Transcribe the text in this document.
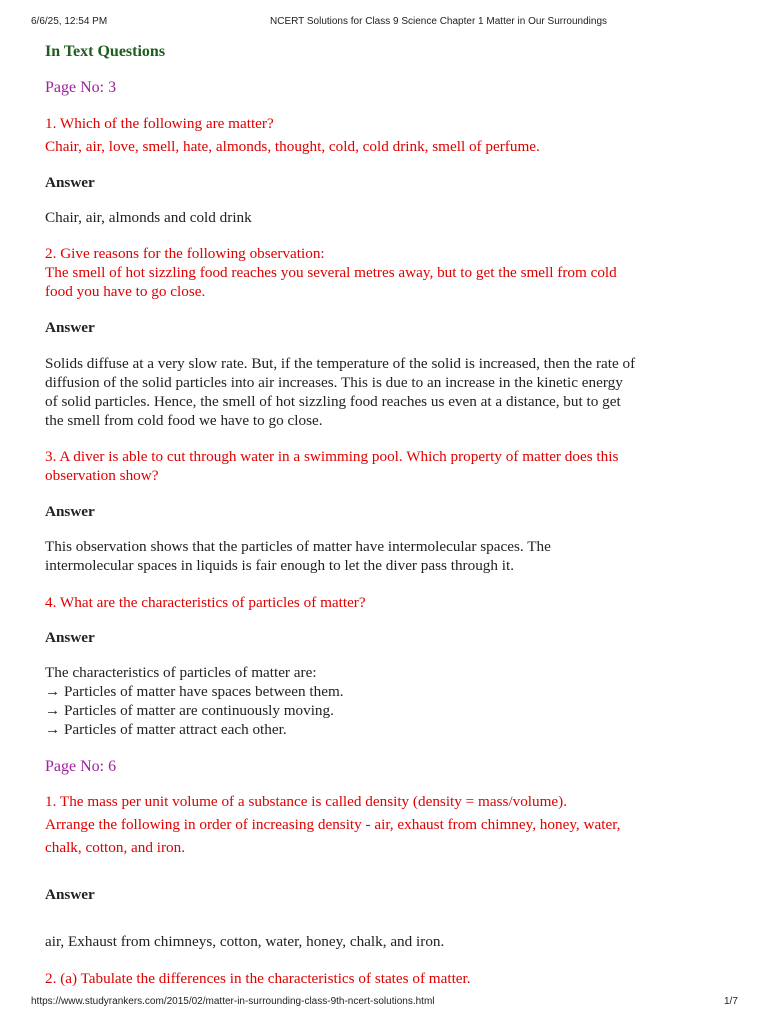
6/6/25, 12:54 PM	NCERT Solutions for Class 9 Science Chapter 1 Matter in Our Surroundings
In Text Questions
Page No: 3
1. Which of the following are matter?
Chair, air, love, smell, hate, almonds, thought, cold, cold drink, smell of perfume.
Answer
Chair, air, almonds and cold drink
2. Give reasons for the following observation:
The smell of hot sizzling food reaches you several metres away, but to get the smell from cold
food you have to go close.
Answer
Solids diffuse at a very slow rate. But, if the temperature of the solid is increased, then the rate of
diffusion of the solid particles into air increases. This is due to an increase in the kinetic energy
of solid particles. Hence, the smell of hot sizzling food reaches us even at a distance, but to get
the smell from cold food we have to go close.
3. A diver is able to cut through water in a swimming pool. Which property of matter does this
observation show?
Answer
This observation shows that the particles of matter have intermolecular spaces. The
intermolecular spaces in liquids is fair enough to let the diver pass through it.
4. What are the characteristics of particles of matter?
Answer
The characteristics of particles of matter are:
→ Particles of matter have spaces between them.
→ Particles of matter are continuously moving.
→ Particles of matter attract each other.
Page No: 6
1. The mass per unit volume of a substance is called density (density = mass/volume).
Arrange the following in order of increasing density - air, exhaust from chimney, honey, water,
chalk, cotton, and iron.
Answer
air, Exhaust from chimneys, cotton, water, honey, chalk, and iron.
2. (a) Tabulate the differences in the characteristics of states of matter.
https://www.studyrankers.com/2015/02/matter-in-surrounding-class-9th-ncert-solutions.html	1/7
